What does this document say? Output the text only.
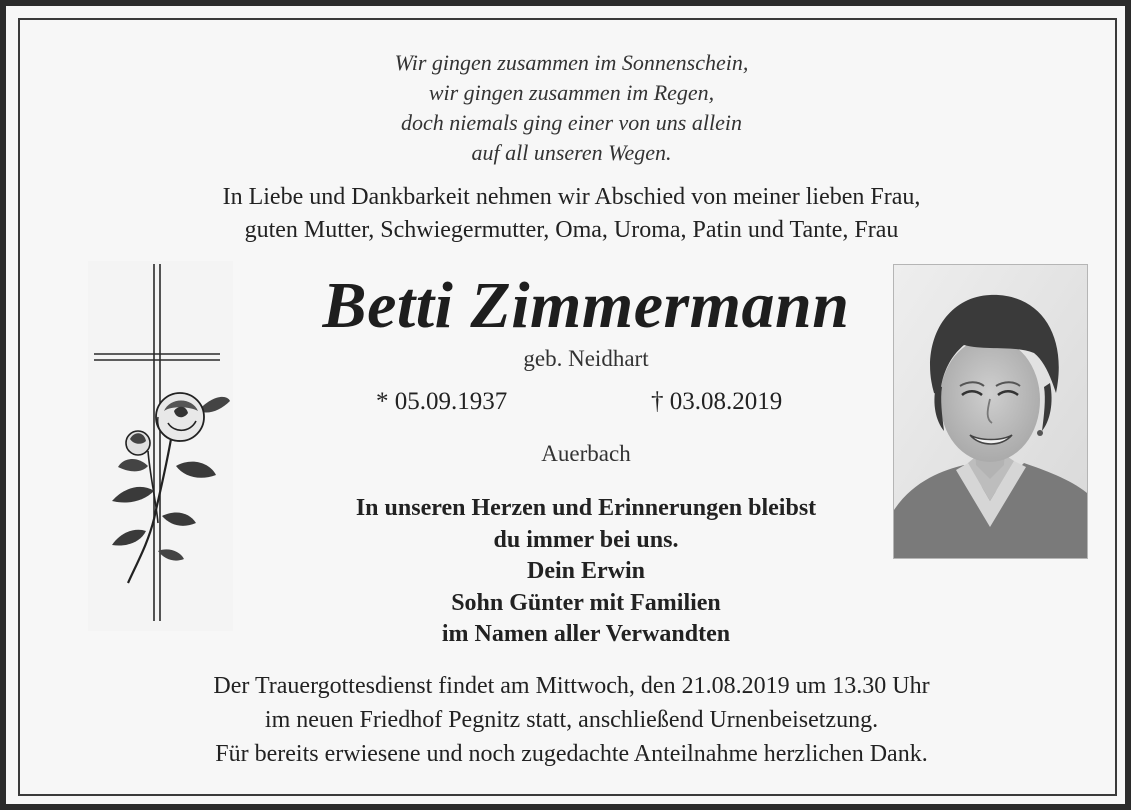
Wir gingen zusammen im Sonnenschein,
wir gingen zusammen im Regen,
doch niemals ging einer von uns allein
auf all unseren Wegen.
In Liebe und Dankbarkeit nehmen wir Abschied von meiner lieben Frau,
guten Mutter, Schwiegermutter, Oma, Uroma, Patin und Tante, Frau
Betti Zimmermann
geb. Neidhart
* 05.09.1937	† 03.08.2019
Auerbach
In unseren Herzen und Erinnerungen bleibst
du immer bei uns.
Dein Erwin
Sohn Günter mit Familien
im Namen aller Verwandten
Der Trauergottesdienst findet am Mittwoch, den 21.08.2019 um 13.30 Uhr
im neuen Friedhof Pegnitz statt, anschließend Urnenbeisetzung.
Für bereits erwiesene und noch zugedachte Anteilnahme herzlichen Dank.
